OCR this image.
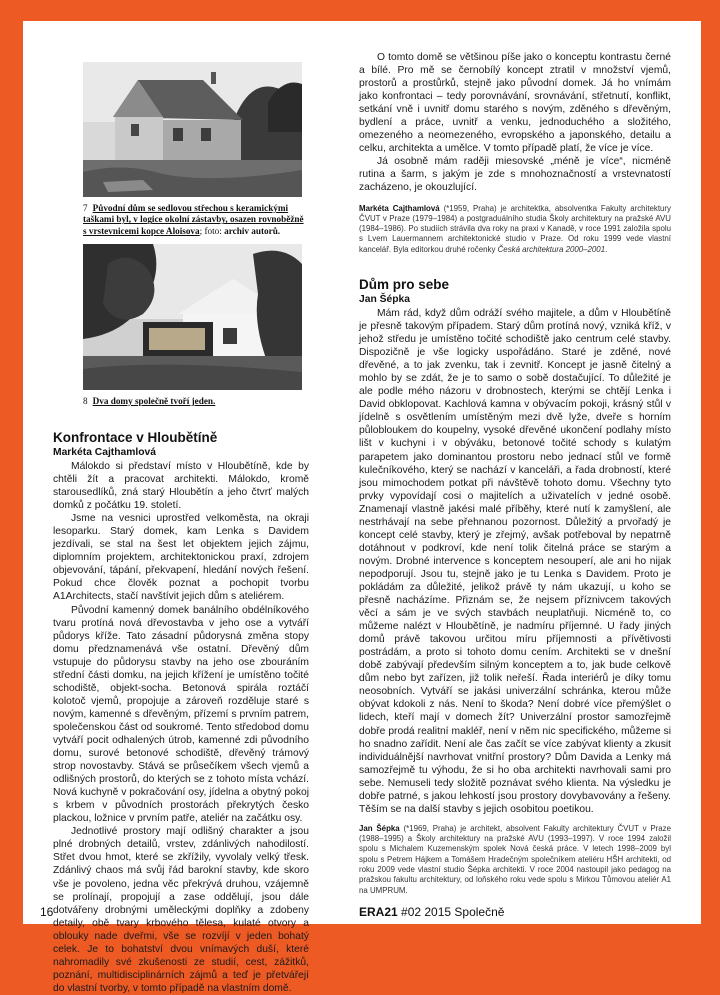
7 Původní dům se sedlovou střechou s keramickými taškami byl, v logice okolní zástavby, osazen rovnoběžně s vrstevnicemi kopce Aloisova; foto: archiv autorů.
8 Dva domy společně tvoří jeden.
Konfrontace v Hloubětíně
Markéta Cajthamlová

Málokdo si představí místo v Hloubětíně, kde by chtěli žít a pracovat architekti. Málokdo, kromě starousedlíků, zná starý Hloubětín a jeho čtvrť malých domků z počátku 19. století.

Jsme na vesnici uprostřed velkoměsta, na okraji lesoparku. Starý domek, kam Lenka s Davidem jezdívali, se stal na šest let objektem jejich zájmu, diplomním projektem, architektonickou praxí, zdrojem objevování, tápání, překvapení, hledání nových řešení. Pokud chce člověk poznat a pochopit tvorbu A1Architects, stačí navštívit jejich dům s ateliérem.

Původní kamenný domek banálního obdélníkového tvaru protíná nová dřevostavba v jeho ose a vytváří půdorys kříže. Tato zásadní půdorysná změna stopy domu předznamenává vše ostatní. Dřevěný dům vstupuje do půdorysu stavby na jeho ose zbouráním střední části domku, na jejich křížení je umístěno točité schodiště, objekt-socha. Betonová spirála roztáčí kolotoč vjemů, propojuje a zároveň rozděluje staré s novým, kamenné s dřevěným, přízemí s prvním patrem, společenskou část od soukromé. Tento středobod domu vytváří pocit odhalených útrob, kamenné zdi původního domu, surové betonové schodiště, dřevěný trámový strop novostavby. Stává se průsečíkem všech vjemů a odlišných prostorů, do kterých se z tohoto místa vchází. Nová kuchyně v pokračování osy, jídelna a obytný pokoj s krbem v původních prostorách překrytých česko plackou, ložnice v prvním patře, ateliér na začátku osy.

Jednotlivé prostory mají odlišný charakter a jsou plné drobných detailů, vrstev, zdánlivých nahodilostí. Střet dvou hmot, které se zkřížily, vyvolaly velký třesk. Zdánlivý chaos má svůj řád barokní stavby, kde skoro vše je povoleno, jedna věc překrývá druhou, vzájemně se prolínají, propojují a zase oddělují, jsou dále dotvářeny drobnými uměleckými doplňky a zdobeny detaily, obě tvary krbového tělesa, kulaté otvory a oblouky nade dveřmi, vše se rozvíjí v jeden bohatý celek. Je to bohatství dvou vnímavých duší, které nahromadily své zkušenosti ze studií, cest, zážitků, poznání, multidisciplinárních zájmů a teď je přetvářejí do vlastní tvorby, v tomto případě na vlastním domě.

O tomto domě se většinou píše jako o konceptu kontrastu černé a bílé. Pro mě se černobílý koncept ztratil v množství vjemů, prostorů a prostůrků, stejně jako původní domek. Já ho vnímám jako konfrontaci – tedy porovnávání, srovnávání, střetnutí, konflikt, setkání vně i uvnitř domu starého s novým, zděného s dřevěným, bydlení a práce, uvnitř a venku, jednoduchého a složitého, omezeného a neomezeného, evropského a japonského, detailu a celku, architekta a umělce. V tomto případě platí, že více je více.

Já osobně mám raději miesovské „méně je více“, nicméně rutina a šarm, s jakým je zde s mnohoznačností a vrstevnatostí zacházeno, je okouzlující.

Markéta Cajthamlová (*1959, Praha) je architektka, absolventka Fakulty architektury ČVUT v Praze (1979–1984) a postgraduálního studia Školy architektury na pražské AVU (1984–1986). Po studiích strávila dva roky na praxi v Kanadě, v roce 1991 založila spolu s Lvem Lauermannem architektonické studio v Praze. Od roku 1999 vede vlastní kancelář. Byla editorkou druhé ročenky Česká architektura 2000–2001.

Dům pro sebe
Jan Šépka

Mám rád, když dům odráží svého majitele, a dům v Hloubětíně je přesně takovým případem. Starý dům protíná nový, vzniká kříž, v jehož středu je umístěno točité schodiště jako centrum celé stavby. Dispozičně je vše logicky uspořádáno. Staré je zděné, nové dřevěné, a to jak zvenku, tak i zevnitř. Koncept je jasně čitelný a mohlo by se zdát, že je to samo o sobě dostačující. To důležité je ale podle mého názoru v drobnostech, kterými se chtějí Lenka i David obklopovat. Kachlová kamna v obývacím pokoji, krásný stůl v jídelně s osvětlením umístěným mezi dvě lyže, dveře s horním půlobloukem do koupelny, vysoké dřevěné ukončení podlahy místo lišt v kuchyni i v obýváku, betonové točité schody s kulatým parapetem jako dominantou prostoru nebo jednací stůl ve formě kulečníkového, který se nachází v kanceláři, a řada drobností, které jsou mimochodem potkat při návštěvě tohoto domu. Všechny tyto prvky vypovídají cosi o majitelích a uživatelích v jedné osobě. Znamenají vlastně jakési malé příběhy, které nutí k zamyšlení, ale nestrhávají na sebe přehnanou pozornost. Důležitý a prvořadý je koncept celé stavby, který je zřejmý, avšak potřeboval by nepatrně dotáhnout v podkroví, kde není tolik čitelná práce se starým a novým. Drobné intervence s konceptem nesouperí, ale ani ho nijak nepodporují. Jsou tu, stejně jako je tu Lenka s Davidem. Proto je pokládám za důležité, jelikož právě ty nám ukazují, u koho se přesně nacházíme. Přiznám se, že nejsem příznivcem takových věcí a sám je ve svých stavbách neuplatňuji. Nicméně to, co můžeme nalézt v Hloubětíně, je nadmíru příjemné. U řady jiných domů právě takovou určitou míru příjemnosti a přívětivosti postrádám, a proto si tohoto domu cením. Architekti se v dnešní době zabývají především silným konceptem a to, jak bude celkově dům nebo byt zařízen, již tolik neřeší. Řada interiérů je díky tomu neosobních. Vytváří se jakási univerzální schránka, kterou může obývat kdokoli z nás. Není to škoda? Není dobré více přemýšlet o lidech, kteří mají v domech žít? Univerzální prostor samozřejmě dobře prodá realitní makléř, není v něm nic specifického, můžeme si ho snadno zařídit. Není ale čas začít se více zabývat klienty a zkusit individuálnější navrhovat vnitřní prostory? Dům Davida a Lenky má samozřejmě tu výhodu, že si ho oba architekti navrhovali sami pro sebe. Nemuseli tedy složitě poznávat svého klienta. Na výsledku je dobře patrné, s jakou lehkostí jsou prostory dovybavovány a řešeny. Těším se na další stavby s jejich osobitou poetikou.

Jan Šépka (*1969, Praha) je architekt, absolvent Fakulty architektury ČVUT v Praze (1988–1995) a Školy architektury na pražské AVU (1993–1997). V roce 1994 založil spolu s Michalem Kuzemenským spolek Nová česká práce. V letech 1998–2009 byl spolu s Petrem Hájkem a Tomášem Hradečným společníkem ateliéru HŠH architekti, od roku 2009 vede vlastní studio Šépka architekti. V roce 2004 nastoupil jako pedagog na pražskou fakultu architektury, od loňského roku vede spolu s Mirkou Tůmovou ateliér A1 na UMPRUM.

16	ERA21 #02 2015 Společně
